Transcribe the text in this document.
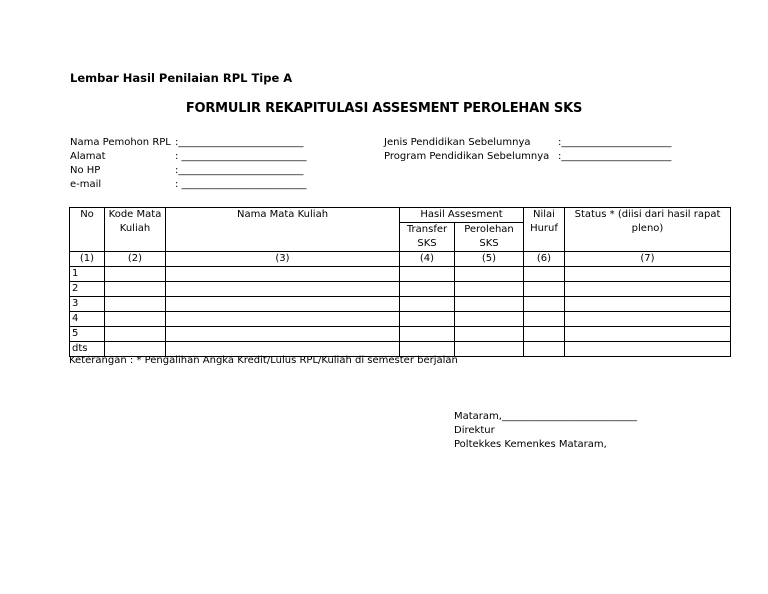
Lembar Hasil Penilaian RPL Tipe A
FORMULIR REKAPITULASI ASSESMENT PEROLEHAN SKS
Nama Pemohon RPL :_________________________
Alamat	: _________________________
No HP	:_________________________
e-mail	: _________________________
Jenis Pendidikan Sebelumnya	:______________________
Program Pendidikan Sebelumnya :______________________
No	Kode Mata Kuliah	Nama Mata Kuliah	Hasil Assesment		Nilai Huruf	Status * (diisi dari hasil rapat pleno)
			Transfer SKS	Perolehan SKS		
(1)	(2)	(3)	(4)	(5)	(6)	(7)
1						
2						
3						
4						
5						
dts						
Keterangan : * Pengalihan Angka Kredit/Lulus RPL/Kuliah di semester berjalan
Mataram,___________________________
Direktur
Poltekkes Kemenkes Mataram,
